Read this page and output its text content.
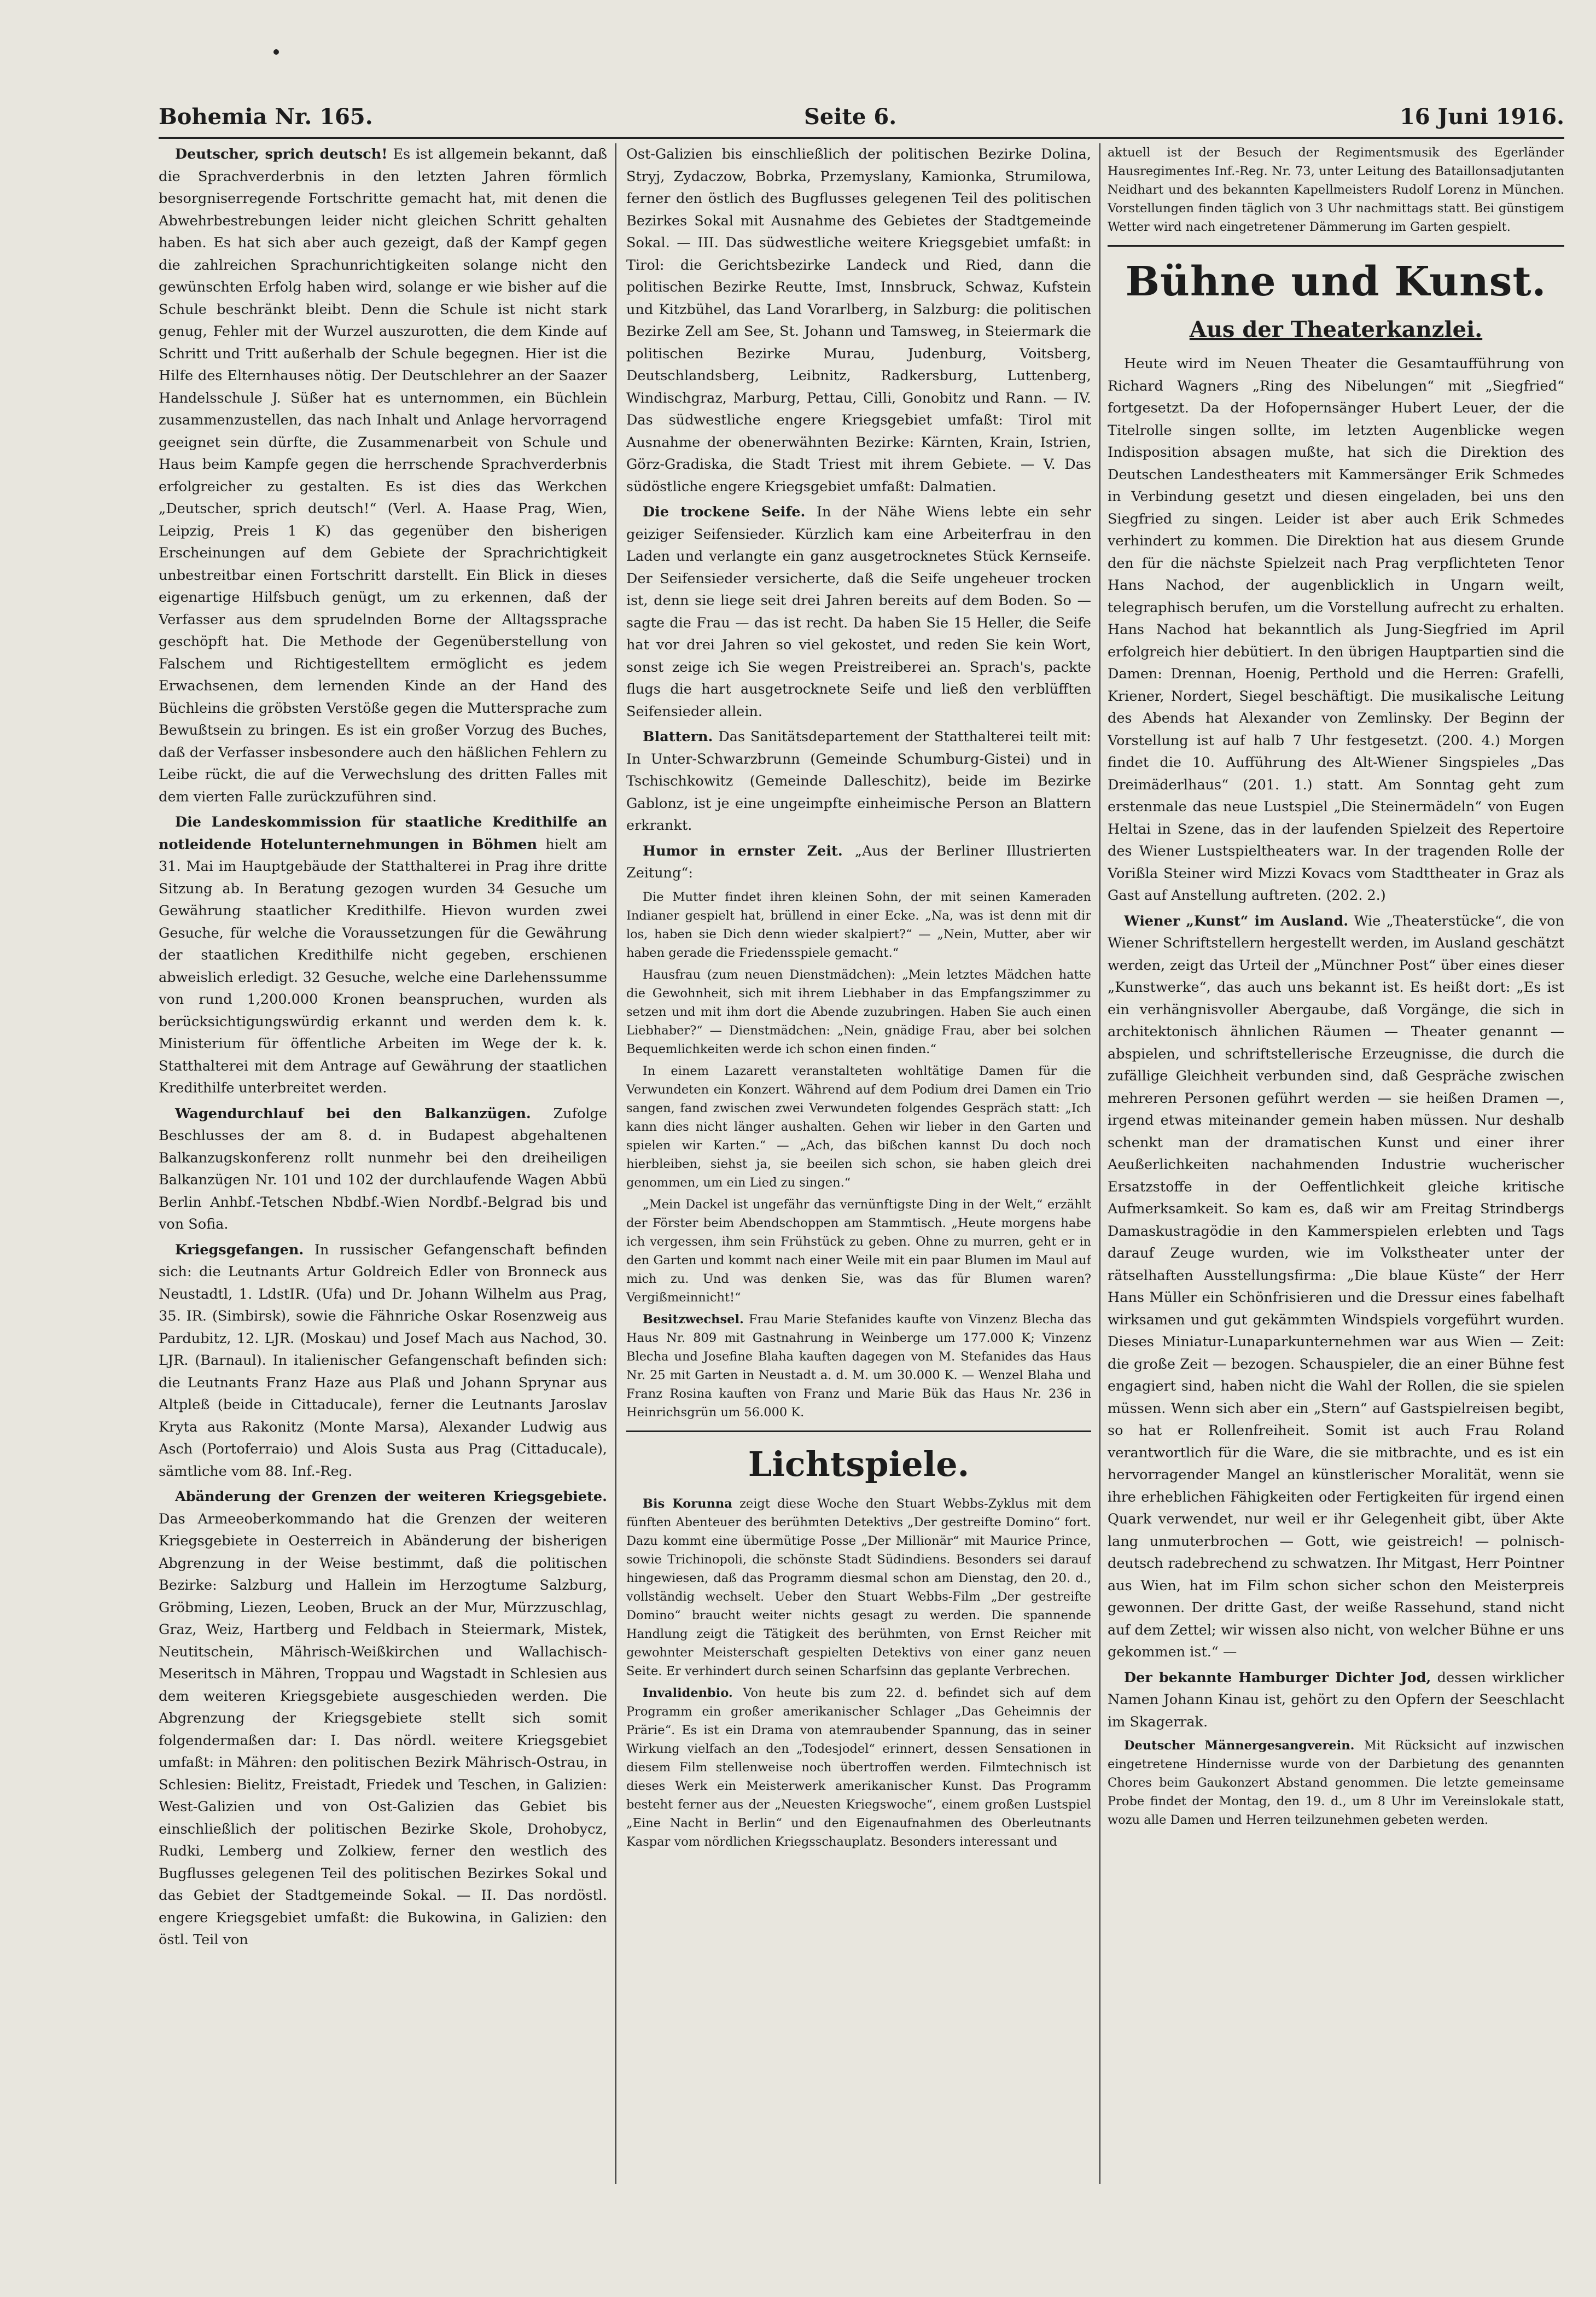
Bohemia Nr. 165.	Seite 6.	16 Juni 1916.

Deutscher, sprich deutsch! Es ist allgemein bekannt, daß die Sprachverderbnis in den letzten Jahren förmlich besorgniserregende Fortschritte gemacht hat, mit denen die Abwehrbestrebungen leider nicht gleichen Schritt gehalten haben. Es hat sich aber auch gezeigt, daß der Kampf gegen die zahlreichen Sprachunrichtigkeiten solange nicht den gewünschten Erfolg haben wird, solange er wie bisher auf die Schule beschränkt bleibt. Denn die Schule ist nicht stark genug, Fehler mit der Wurzel auszurotten, die dem Kinde auf Schritt und Tritt außerhalb der Schule begegnen. Hier ist die Hilfe des Elternhauses nötig. Der Deutschlehrer an der Saazer Handelsschule J. Süßer hat es unternommen, ein Büchlein zusammenzustellen, das nach Inhalt und Anlage hervorragend geeignet sein dürfte, die Zusammenarbeit von Schule und Haus beim Kampfe gegen die herrschende Sprachverderbnis erfolgreicher zu gestalten. Es ist dies das Werkchen „Deutscher, sprich deutsch!“ (Verl. A. Haase Prag, Wien, Leipzig, Preis 1 K) das gegenüber den bisherigen Erscheinungen auf dem Gebiete der Sprachrichtigkeit unbestreitbar einen Fortschritt darstellt. Ein Blick in dieses eigenartige Hilfsbuch genügt, um zu erkennen, daß der Verfasser aus dem sprudelnden Borne der Alltagssprache geschöpft hat. Die Methode der Gegenüberstellung von Falschem und Richtigestelltem ermöglicht es jedem Erwachsenen, dem lernenden Kinde an der Hand des Büchleins die gröbsten Verstöße gegen die Muttersprache zum Bewußtsein zu bringen. Es ist ein großer Vorzug des Buches, daß der Verfasser insbesondere auch den häßlichen Fehlern zu Leibe rückt, die auf die Verwechslung des dritten Falles mit dem vierten Falle zurückzuführen sind.

Die Landeskommission für staatliche Kredithilfe an notleidende Hotelunternehmungen in Böhmen hielt am 31. Mai im Hauptgebäude der Statthalterei in Prag ihre dritte Sitzung ab. In Beratung gezogen wurden 34 Gesuche um Gewährung staatlicher Kredithilfe. Hievon wurden zwei Gesuche, für welche die Voraussetzungen für die Gewährung der staatlichen Kredithilfe nicht gegeben, erschienen abweislich erledigt. 32 Gesuche, welche eine Darlehenssumme von rund 1,200.000 Kronen beanspruchen, wurden als berücksichtigungswürdig erkannt und werden dem k. k. Ministerium für öffentliche Arbeiten im Wege der k. k. Statthalterei mit dem Antrage auf Gewährung der staatlichen Kredithilfe unterbreitet werden.

Wagendurchlauf bei den Balkanzügen. Zufolge Beschlusses der am 8. d. in Budapest abgehaltenen Balkanzugskonferenz rollt nunmehr bei den dreiheiligen Balkanzügen Nr. 101 und 102 der durchlaufende Wagen Abbü Berlin Anhbf.-Tetschen Nbdbf.-Wien Nordbf.-Belgrad bis und von Sofia.

Kriegsgefangen. In russischer Gefangenschaft befinden sich: die Leutnants Artur Goldreich Edler von Bronneck aus Neustadtl, 1. LdstIR. (Ufa) und Dr. Johann Wilhelm aus Prag, 35. IR. (Simbirsk), sowie die Fähnriche Oskar Rosenzweig aus Pardubitz, 12. LJR. (Moskau) und Josef Mach aus Nachod, 30. LJR. (Barnaul). In italienischer Gefangenschaft befinden sich: die Leutnants Franz Haze aus Plaß und Johann Sprynar aus Altpleß (beide in Cittaducale), ferner die Leutnants Jaroslav Kryta aus Rakonitz (Monte Marsa), Alexander Ludwig aus Asch (Portoferraio) und Alois Susta aus Prag (Cittaducale), sämtliche vom 88. Inf.-Reg.

Abänderung der Grenzen der weiteren Kriegsgebiete. Das Armeeoberkommando hat die Grenzen der weiteren Kriegsgebiete in Oesterreich in Abänderung der bisherigen Abgrenzung in der Weise bestimmt, daß die politischen Bezirke: Salzburg und Hallein im Herzogtume Salzburg, Gröbming, Liezen, Leoben, Bruck an der Mur, Mürzzuschlag, Graz, Weiz, Hartberg und Feldbach in Steiermark, Mistek, Neutitschein, Mährisch-Weißkirchen und Wallachisch-Meseritsch in Mähren, Troppau und Wagstadt in Schlesien aus dem weiteren Kriegsgebiete ausgeschieden werden. Die Abgrenzung der Kriegsgebiete stellt sich somit folgendermaßen dar: I. Das nördl. weitere Kriegsgebiet umfaßt: in Mähren: den politischen Bezirk Mährisch-Ostrau, in Schlesien: Bielitz, Freistadt, Friedek und Teschen, in Galizien: West-Galizien und von Ost-Galizien das Gebiet bis einschließlich der politischen Bezirke Skole, Drohobycz, Rudki, Lemberg und Zolkiew, ferner den westlich des Bugflusses gelegenen Teil des politischen Bezirkes Sokal und das Gebiet der Stadtgemeinde Sokal. — II. Das nordöstl. engere Kriegsgebiet umfaßt: die Bukowina, in Galizien: den östl. Teil von

Ost-Galizien bis einschließlich der politischen Bezirke Dolina, Stryj, Zydaczow, Bobrka, Przemyslany, Kamionka, Strumilowa, ferner den östlich des Bugflusses gelegenen Teil des politischen Bezirkes Sokal mit Ausnahme des Gebietes der Stadtgemeinde Sokal. — III. Das südwestliche weitere Kriegsgebiet umfaßt: in Tirol: die Gerichtsbezirke Landeck und Ried, dann die politischen Bezirke Reutte, Imst, Innsbruck, Schwaz, Kufstein und Kitzbühel, das Land Vorarlberg, in Salzburg: die politischen Bezirke Zell am See, St. Johann und Tamsweg, in Steiermark die politischen Bezirke Murau, Judenburg, Voitsberg, Deutschlandsberg, Leibnitz, Radkersburg, Luttenberg, Windischgraz, Marburg, Pettau, Cilli, Gonobitz und Rann. — IV. Das südwestliche engere Kriegsgebiet umfaßt: Tirol mit Ausnahme der obenerwähnten Bezirke: Kärnten, Krain, Istrien, Görz-Gradiska, die Stadt Triest mit ihrem Gebiete. — V. Das südöstliche engere Kriegsgebiet umfaßt: Dalmatien.

Die trockene Seife. In der Nähe Wiens lebte ein sehr geiziger Seifensieder. Kürzlich kam eine Arbeiterfrau in den Laden und verlangte ein ganz ausgetrocknetes Stück Kernseife. Der Seifensieder versicherte, daß die Seife ungeheuer trocken ist, denn sie liege seit drei Jahren bereits auf dem Boden. So — sagte die Frau — das ist recht. Da haben Sie 15 Heller, die Seife hat vor drei Jahren so viel gekostet, und reden Sie kein Wort, sonst zeige ich Sie wegen Preistreiberei an. Sprach's, packte flugs die hart ausgetrocknete Seife und ließ den verblüfften Seifensieder allein.

Blattern. Das Sanitätsdepartement der Statthalterei teilt mit: In Unter-Schwarzbrunn (Gemeinde Schumburg-Gistei) und in Tschischkowitz (Gemeinde Dalleschitz), beide im Bezirke Gablonz, ist je eine ungeimpfte einheimische Person an Blattern erkrankt.

Humor in ernster Zeit. „Aus der Berliner Illustrierten Zeitung“:

Die Mutter findet ihren kleinen Sohn, der mit seinen Kameraden Indianer gespielt hat, brüllend in einer Ecke. „Na, was ist denn mit dir los, haben sie Dich denn wieder skalpiert?“ — „Nein, Mutter, aber wir haben gerade die Friedensspiele gemacht.“

Hausfrau (zum neuen Dienstmädchen): „Mein letztes Mädchen hatte die Gewohnheit, sich mit ihrem Liebhaber in das Empfangszimmer zu setzen und mit ihm dort die Abende zuzubringen. Haben Sie auch einen Liebhaber?“ — Dienstmädchen: „Nein, gnädige Frau, aber bei solchen Bequemlichkeiten werde ich schon einen finden.“

In einem Lazarett veranstalteten wohltätige Damen für die Verwundeten ein Konzert. Während auf dem Podium drei Damen ein Trio sangen, fand zwischen zwei Verwundeten folgendes Gespräch statt: „Ich kann dies nicht länger aushalten. Gehen wir lieber in den Garten und spielen wir Karten.“ — „Ach, das bißchen kannst Du doch noch hierbleiben, siehst ja, sie beeilen sich schon, sie haben gleich drei genommen, um ein Lied zu singen.“

„Mein Dackel ist ungefähr das vernünftigste Ding in der Welt,“ erzählt der Förster beim Abendschoppen am Stammtisch. „Heute morgens habe ich vergessen, ihm sein Frühstück zu geben. Ohne zu murren, geht er in den Garten und kommt nach einer Weile mit ein paar Blumen im Maul auf mich zu. Und was denken Sie, was das für Blumen waren? Vergißmeinnicht!“

Besitzwechsel. Frau Marie Stefanides kaufte von Vinzenz Blecha das Haus Nr. 809 mit Gastnahrung in Weinberge um 177.000 K; Vinzenz Blecha und Josefine Blaha kauften dagegen von M. Stefanides das Haus Nr. 25 mit Garten in Neustadt a. d. M. um 30.000 K. — Wenzel Blaha und Franz Rosina kauften von Franz und Marie Bük das Haus Nr. 236 in Heinrichsgrün um 56.000 K.

Lichtspiele.

Bis Korunna zeigt diese Woche den Stuart Webbs-Zyklus mit dem fünften Abenteuer des berühmten Detektivs „Der gestreifte Domino“ fort. Dazu kommt eine übermütige Posse „Der Millionär“ mit Maurice Prince, sowie Trichinopoli, die schönste Stadt Südindiens. Besonders sei darauf hingewiesen, daß das Programm diesmal schon am Dienstag, den 20. d., vollständig wechselt. Ueber den Stuart Webbs-Film „Der gestreifte Domino“ braucht weiter nichts gesagt zu werden. Die spannende Handlung zeigt die Tätigkeit des berühmten, von Ernst Reicher mit gewohnter Meisterschaft gespielten Detektivs von einer ganz neuen Seite. Er verhindert durch seinen Scharfsinn das geplante Verbrechen.

Invalidenbio. Von heute bis zum 22. d. befindet sich auf dem Programm ein großer amerikanischer Schlager „Das Geheimnis der Prärie“. Es ist ein Drama von atemraubender Spannung, das in seiner Wirkung vielfach an den „Todesjodel“ erinnert, dessen Sensationen in diesem Film stellenweise noch übertroffen werden. Filmtechnisch ist dieses Werk ein Meisterwerk amerikanischer Kunst. Das Programm besteht ferner aus der „Neuesten Kriegswoche“, einem großen Lustspiel „Eine Nacht in Berlin“ und den Eigenaufnahmen des Oberleutnants Kaspar vom nördlichen Kriegsschauplatz. Besonders interessant und

aktuell ist der Besuch der Regimentsmusik des Egerländer Hausregimentes Inf.-Reg. Nr. 73, unter Leitung des Bataillonsadjutanten Neidhart und des bekannten Kapellmeisters Rudolf Lorenz in München. Vorstellungen finden täglich von 3 Uhr nachmittags statt. Bei günstigem Wetter wird nach eingetretener Dämmerung im Garten gespielt.

Bühne und Kunst.
Aus der Theaterkanzlei.

Heute wird im Neuen Theater die Gesamtaufführung von Richard Wagners „Ring des Nibelungen“ mit „Siegfried“ fortgesetzt. Da der Hofopernsänger Hubert Leuer, der die Titelrolle singen sollte, im letzten Augenblicke wegen Indisposition absagen mußte, hat sich die Direktion des Deutschen Landestheaters mit Kammersänger Erik Schmedes in Verbindung gesetzt und diesen eingeladen, bei uns den Siegfried zu singen. Leider ist aber auch Erik Schmedes verhindert zu kommen. Die Direktion hat aus diesem Grunde den für die nächste Spielzeit nach Prag verpflichteten Tenor Hans Nachod, der augenblicklich in Ungarn weilt, telegraphisch berufen, um die Vorstellung aufrecht zu erhalten. Hans Nachod hat bekanntlich als Jung-Siegfried im April erfolgreich hier debütiert. In den übrigen Hauptpartien sind die Damen: Drennan, Hoenig, Perthold und die Herren: Grafelli, Kriener, Nordert, Siegel beschäftigt. Die musikalische Leitung des Abends hat Alexander von Zemlinsky. Der Beginn der Vorstellung ist auf halb 7 Uhr festgesetzt. (200. 4.) Morgen findet die 10. Aufführung des Alt-Wiener Singspieles „Das Dreimäderlhaus“ (201. 1.) statt. Am Sonntag geht zum erstenmale das neue Lustspiel „Die Steinermädeln“ von Eugen Heltai in Szene, das in der laufenden Spielzeit des Repertoire des Wiener Lustspieltheaters war. In der tragenden Rolle der Vorißla Steiner wird Mizzi Kovacs vom Stadttheater in Graz als Gast auf Anstellung auftreten. (202. 2.)

Wiener „Kunst“ im Ausland. Wie „Theaterstücke“, die von Wiener Schriftstellern hergestellt werden, im Ausland geschätzt werden, zeigt das Urteil der „Münchner Post“ über eines dieser „Kunstwerke“, das auch uns bekannt ist. Es heißt dort: „Es ist ein verhängnisvoller Abergaube, daß Vorgänge, die sich in architektonisch ähnlichen Räumen — Theater genannt — abspielen, und schriftstellerische Erzeugnisse, die durch die zufällige Gleichheit verbunden sind, daß Gespräche zwischen mehreren Personen geführt werden — sie heißen Dramen —, irgend etwas miteinander gemein haben müssen. Nur deshalb schenkt man der dramatischen Kunst und einer ihrer Aeußerlichkeiten nachahmenden Industrie wucherischer Ersatzstoffe in der Oeffentlichkeit gleiche kritische Aufmerksamkeit. So kam es, daß wir am Freitag Strindbergs Damaskustragödie in den Kammerspielen erlebten und Tags darauf Zeuge wurden, wie im Volkstheater unter der rätselhaften Ausstellungsfirma: „Die blaue Küste“ der Herr Hans Müller ein Schönfrisieren und die Dressur eines fabelhaft wirksamen und gut gekämmten Windspiels vorgeführt wurden. Dieses Miniatur-Lunaparkunternehmen war aus Wien — Zeit: die große Zeit — bezogen. Schauspieler, die an einer Bühne fest engagiert sind, haben nicht die Wahl der Rollen, die sie spielen müssen. Wenn sich aber ein „Stern“ auf Gastspielreisen begibt, so hat er Rollenfreiheit. Somit ist auch Frau Roland verantwortlich für die Ware, die sie mitbrachte, und es ist ein hervorragender Mangel an künstlerischer Moralität, wenn sie ihre erheblichen Fähigkeiten oder Fertigkeiten für irgend einen Quark verwendet, nur weil er ihr Gelegenheit gibt, über Akte lang unmuterbrochen — Gott, wie geistreich! — polnisch-deutsch radebrechend zu schwatzen. Ihr Mitgast, Herr Pointner aus Wien, hat im Film schon sicher schon den Meisterpreis gewonnen. Der dritte Gast, der weiße Rassehund, stand nicht auf dem Zettel; wir wissen also nicht, von welcher Bühne er uns gekommen ist.“ —

Der bekannte Hamburger Dichter Jod, dessen wirklicher Namen Johann Kinau ist, gehört zu den Opfern der Seeschlacht im Skagerrak.

Deutscher Männergesangverein. Mit Rücksicht auf inzwischen eingetretene Hindernisse wurde von der Darbietung des genannten Chores beim Gaukonzert Abstand genommen. Die letzte gemeinsame Probe findet der Montag, den 19. d., um 8 Uhr im Vereinslokale statt, wozu alle Damen und Herren teilzunehmen gebeten werden.
